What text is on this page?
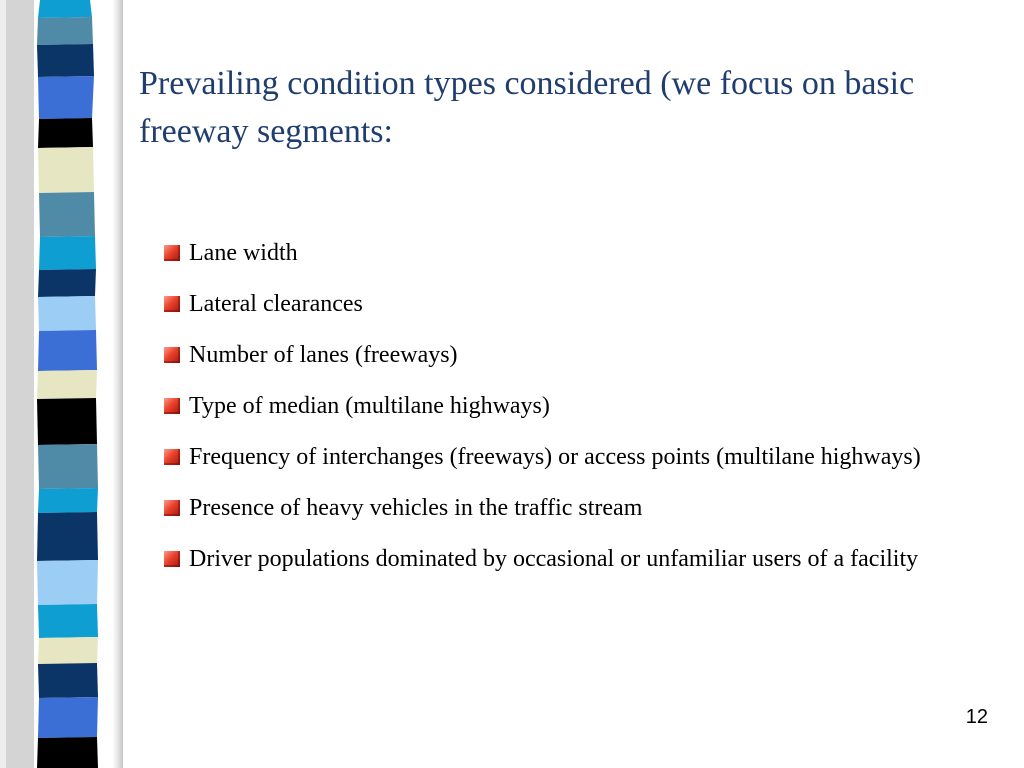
Prevailing condition types considered (we focus on basic freeway segments:
Lane width
Lateral clearances
Number of lanes (freeways)
Type of median (multilane highways)
Frequency of interchanges (freeways) or access points (multilane highways)
Presence of heavy vehicles in the traffic stream
Driver populations dominated by occasional or unfamiliar users of a facility
12
